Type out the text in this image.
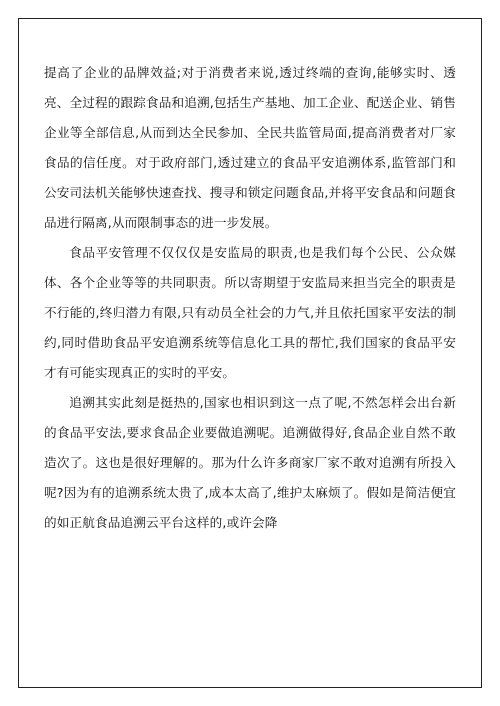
提高了企业的品牌效益;对于消费者来说,透过终端的查询,能够实时、透亮、全过程的跟踪食品和追溯,包括生产基地、加工企业、配送企业、销售企业等全部信息,从而到达全民参加、全民共监管局面,提高消费者对厂家食品的信任度。对于政府部门,透过建立的食品平安追溯体系,监管部门和公安司法机关能够快速查找、搜寻和锁定问题食品,并将平安食品和问题食品进行隔离,从而限制事态的进一步发展。

食品平安管理不仅仅仅是安监局的职责,也是我们每个公民、公众媒体、各个企业等等的共同职责。所以寄期望于安监局来担当完全的职责是不行能的,终归潜力有限,只有动员全社会的力气,并且依托国家平安法的制约,同时借助食品平安追溯系统等信息化工具的帮忙,我们国家的食品平安才有可能实现真正的实时的平安。

追溯其实此刻是挺热的,国家也相识到这一点了呢,不然怎样会出台新的食品平安法,要求食品企业要做追溯呢。追溯做得好,食品企业自然不敢造次了。这也是很好理解的。那为什么许多商家厂家不敢对追溯有所投入呢?因为有的追溯系统太贵了,成本太高了,维护太麻烦了。假如是简洁便宜的如正航食品追溯云平台这样的,或许会降
